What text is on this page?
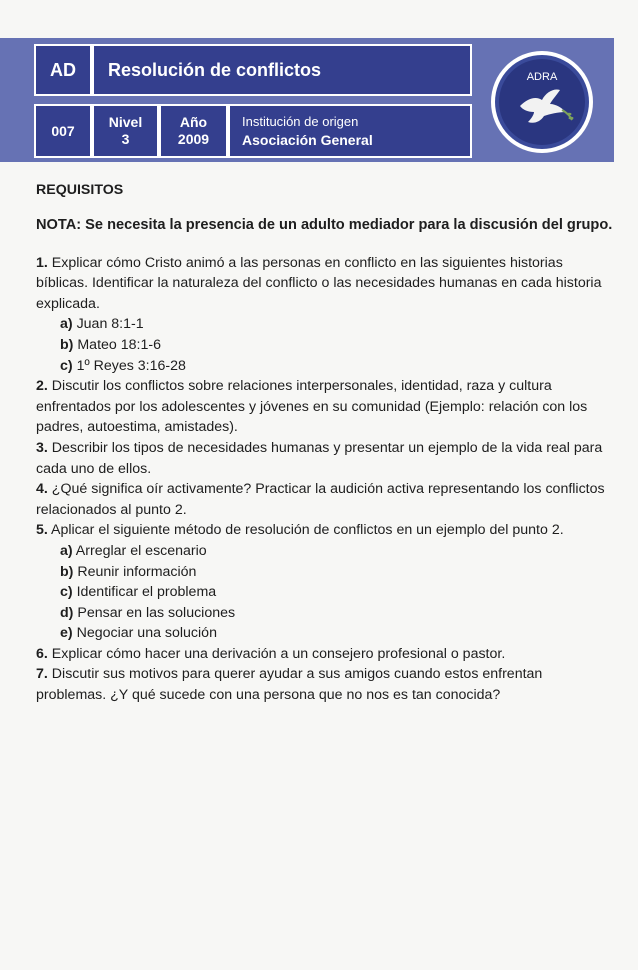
AD	Resolución de conflictos
007
Nivel
3
Año
2009
Institución de origen
Asociación General
ADRA

REQUISITOS

NOTA: Se necesita la presencia de un adulto mediador para la discusión del grupo.

1. Explicar cómo Cristo animó a las personas en conflicto en las siguientes historias bíblicas. Identificar la naturaleza del conflicto o las necesidades humanas en cada historia explicada.

a) Juan 8:1-1

b) Mateo 18:1-6

c) 1º Reyes 3:16-28

2. Discutir los conflictos sobre relaciones interpersonales, identidad, raza y cultura enfrentados por los adolescentes y jóvenes en su comunidad (Ejemplo: relación con los padres, autoestima, amistades).

3. Describir los tipos de necesidades humanas y presentar un ejemplo de la vida real para cada uno de ellos.

4. ¿Qué significa oír activamente? Practicar la audición activa representando los conflictos relacionados al punto 2.

5. Aplicar el siguiente método de resolución de conflictos en un ejemplo del punto 2.

a) Arreglar el escenario

b) Reunir información

c) Identificar el problema

d) Pensar en las soluciones

e) Negociar una solución

6. Explicar cómo hacer una derivación a un consejero profesional o pastor.

7. Discutir sus motivos para querer ayudar a sus amigos cuando estos enfrentan problemas. ¿Y qué sucede con una persona que no nos es tan conocida?
